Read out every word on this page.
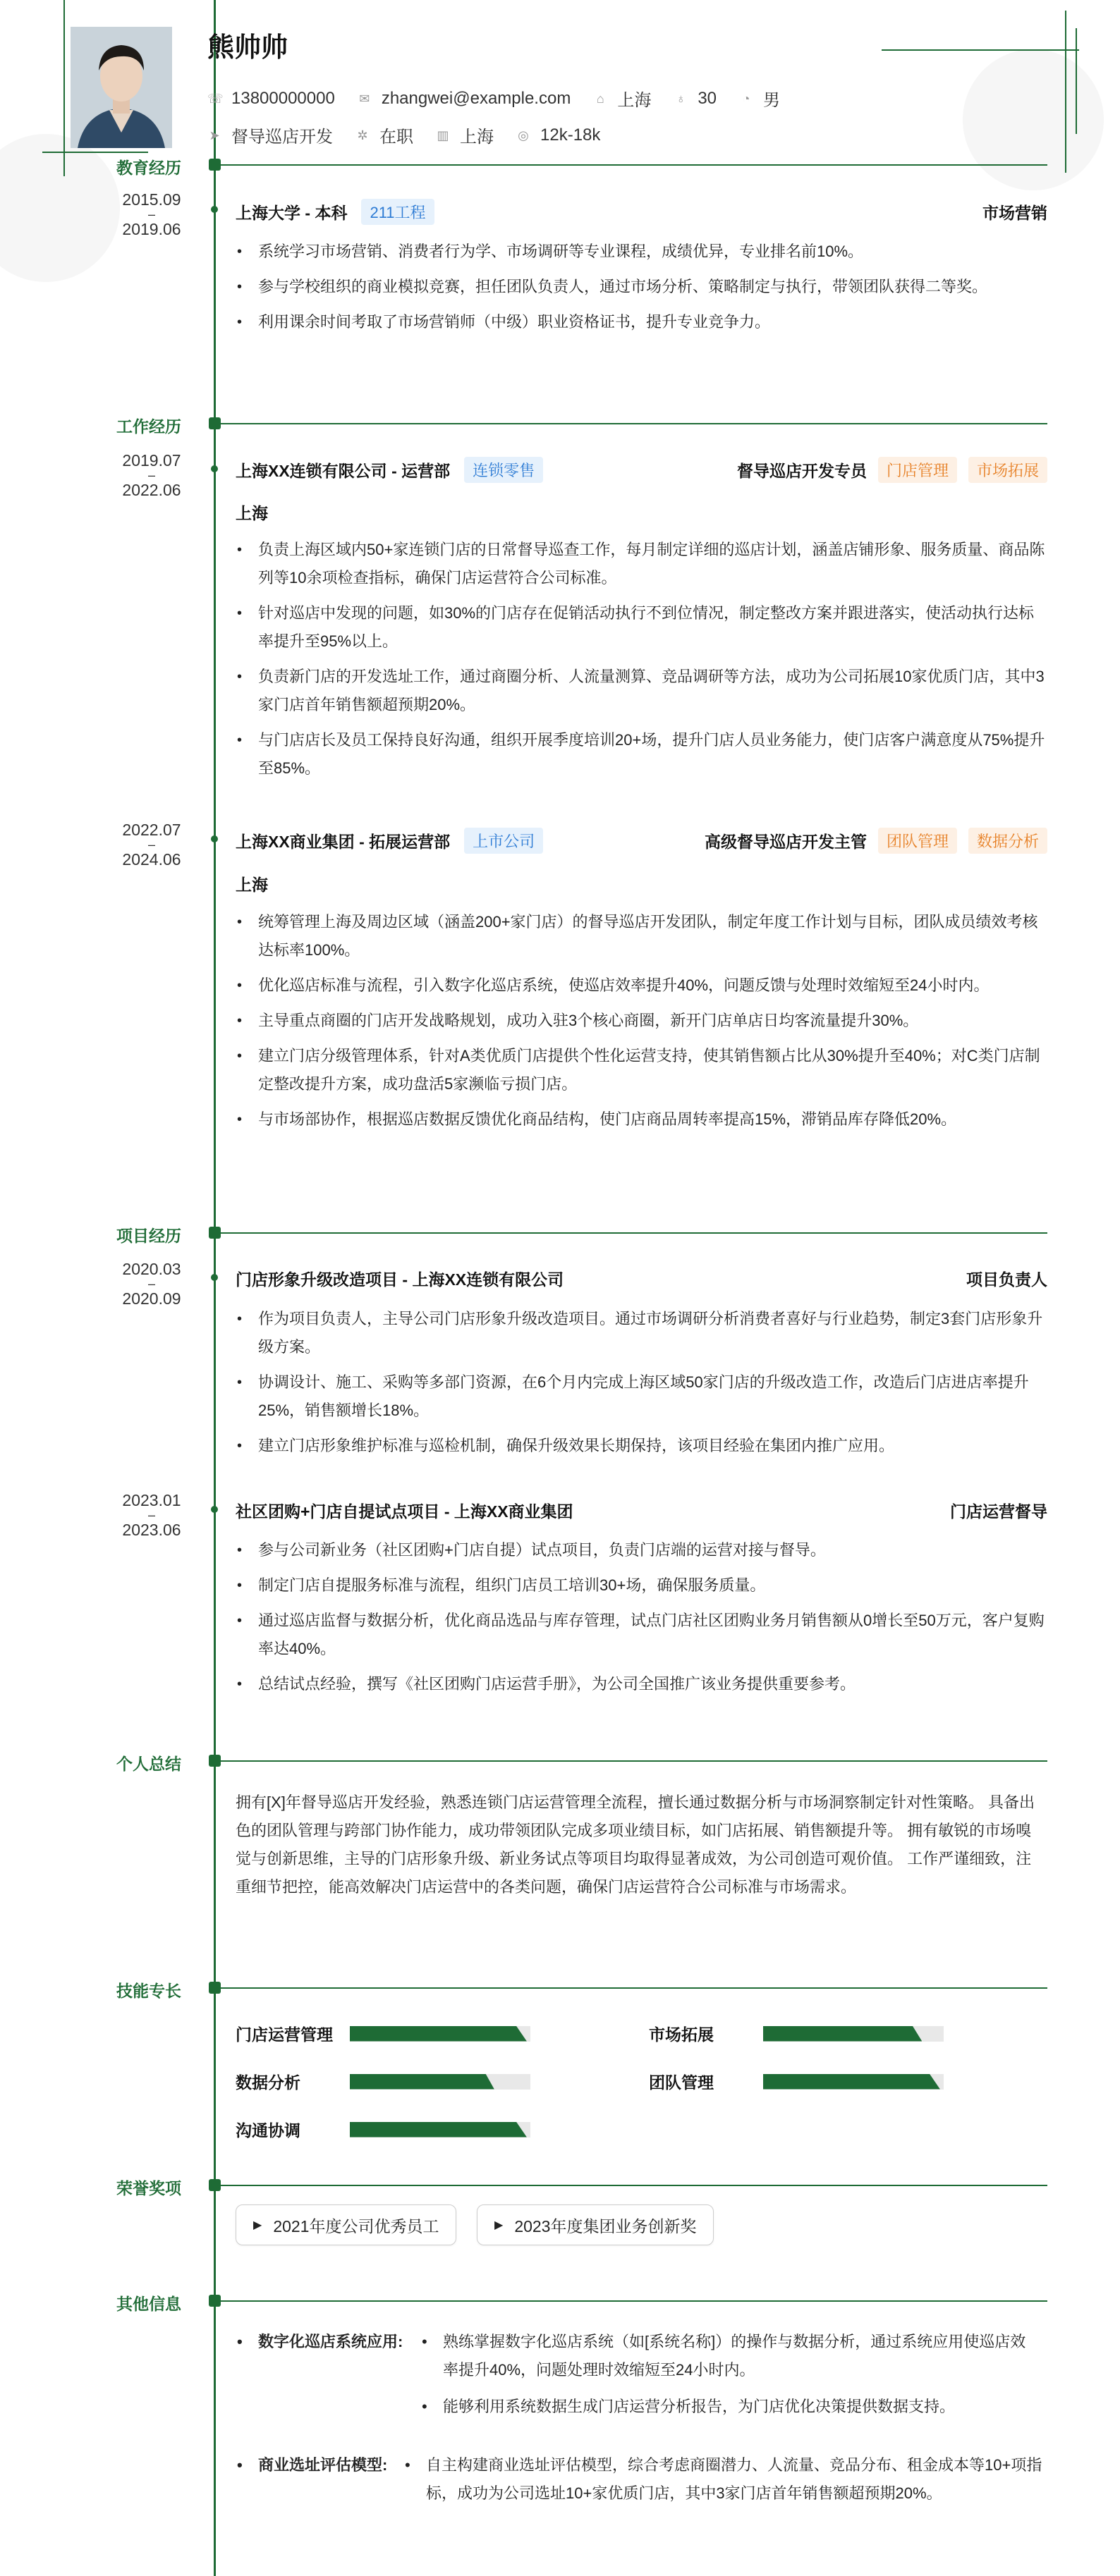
熊帅帅
☏ 13800000000 ✉ zhangwei@example.com ⌂ 上海 ♁ 30 ◔ 男
➤ 督导巡店开发 ✲ 在职 ▥ 上海 ◎ 12k-18k
教育经历
2015.09
–
2019.06
上海大学 - 本科	211工程	市场营销
• 系统学习市场营销、消费者行为学、市场调研等专业课程，成绩优异，专业排名前10%。
• 参与学校组织的商业模拟竞赛，担任团队负责人，通过市场分析、策略制定与执行，带领团队获得二等奖。
• 利用课余时间考取了市场营销师（中级）职业资格证书，提升专业竞争力。
工作经历
2019.07
–
2022.06
上海XX连锁有限公司 - 运营部	连锁零售	督导巡店开发专员	门店管理	市场拓展
上海
• 负责上海区域内50+家连锁门店的日常督导巡查工作，每月制定详细的巡店计划，涵盖店铺形象、服务质量、商品陈列等10余项检查指标，确保门店运营符合公司标准。
• 针对巡店中发现的问题，如30%的门店存在促销活动执行不到位情况，制定整改方案并跟进落实，使活动执行达标率提升至95%以上。
• 负责新门店的开发选址工作，通过商圈分析、人流量测算、竞品调研等方法，成功为公司拓展10家优质门店，其中3家门店首年销售额超预期20%。
• 与门店店长及员工保持良好沟通，组织开展季度培训20+场，提升门店人员业务能力，使门店客户满意度从75%提升至85%。
2022.07
–
2024.06
上海XX商业集团 - 拓展运营部	上市公司	高级督导巡店开发主管	团队管理	数据分析
上海
• 统筹管理上海及周边区域（涵盖200+家门店）的督导巡店开发团队，制定年度工作计划与目标，团队成员绩效考核达标率100%。
• 优化巡店标准与流程，引入数字化巡店系统，使巡店效率提升40%，问题反馈与处理时效缩短至24小时内。
• 主导重点商圈的门店开发战略规划，成功入驻3个核心商圈，新开门店单店日均客流量提升30%。
• 建立门店分级管理体系，针对A类优质门店提供个性化运营支持，使其销售额占比从30%提升至40%；对C类门店制定整改提升方案，成功盘活5家濒临亏损门店。
• 与市场部协作，根据巡店数据反馈优化商品结构，使门店商品周转率提高15%，滞销品库存降低20%。
项目经历
2020.03
–
2020.09
门店形象升级改造项目 - 上海XX连锁有限公司	项目负责人
• 作为项目负责人，主导公司门店形象升级改造项目。通过市场调研分析消费者喜好与行业趋势，制定3套门店形象升级方案。
• 协调设计、施工、采购等多部门资源，在6个月内完成上海区域50家门店的升级改造工作，改造后门店进店率提升25%，销售额增长18%。
• 建立门店形象维护标准与巡检机制，确保升级效果长期保持，该项目经验在集团内推广应用。
2023.01
–
2023.06
社区团购+门店自提试点项目 - 上海XX商业集团	门店运营督导
• 参与公司新业务（社区团购+门店自提）试点项目，负责门店端的运营对接与督导。
• 制定门店自提服务标准与流程，组织门店员工培训30+场，确保服务质量。
• 通过巡店监督与数据分析，优化商品选品与库存管理，试点门店社区团购业务月销售额从0增长至50万元，客户复购率达40%。
• 总结试点经验，撰写《社区团购门店运营手册》，为公司全国推广该业务提供重要参考。
个人总结
拥有[X]年督导巡店开发经验，熟悉连锁门店运营管理全流程，擅长通过数据分析与市场洞察制定针对性策略。 具备出色的团队管理与跨部门协作能力，成功带领团队完成多项业绩目标，如门店拓展、销售额提升等。 拥有敏锐的市场嗅觉与创新思维，主导的门店形象升级、新业务试点等项目均取得显著成效，为公司创造可观价值。 工作严谨细致，注重细节把控，能高效解决门店运营中的各类问题，确保门店运营符合公司标准与市场需求。
技能专长
门店运营管理	市场拓展
数据分析	团队管理
沟通协调
荣誉奖项
▶ 2021年度公司优秀员工	▶ 2023年度集团业务创新奖
其他信息
• 数字化巡店系统应用:	• 熟练掌握数字化巡店系统（如[系统名称]）的操作与数据分析，通过系统应用使巡店效率提升40%，问题处理时效缩短至24小时内。
• 能够利用系统数据生成门店运营分析报告，为门店优化决策提供数据支持。
• 商业选址评估模型:	• 自主构建商业选址评估模型，综合考虑商圈潜力、人流量、竞品分布、租金成本等10+项指标，成功为公司选址10+家优质门店，其中3家门店首年销售额超预期20%。
